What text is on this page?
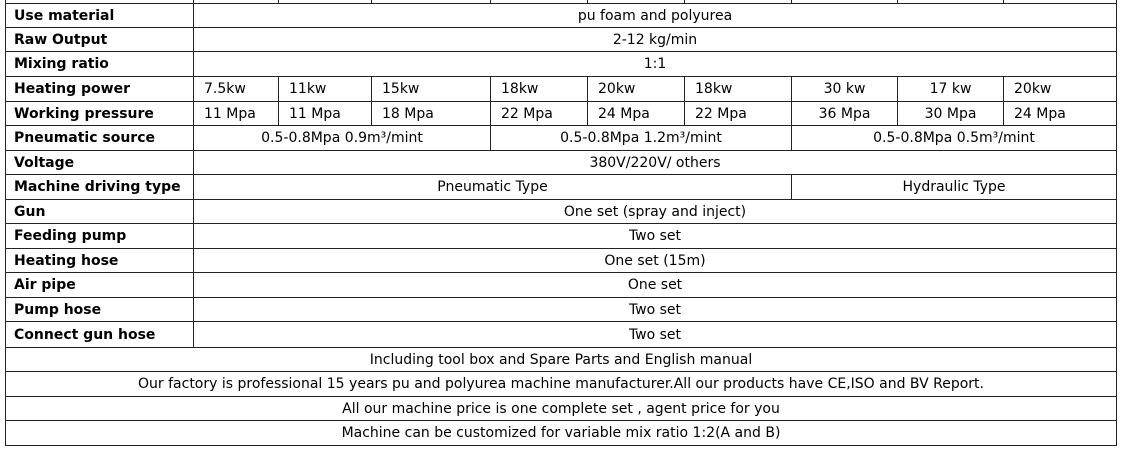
Use material	pu foam and polyurea
Raw Output	2-12 kg/min
Mixing ratio	1:1
Heating power	7.5kw	11kw	15kw	18kw	20kw	18kw	30 kw	17 kw	20kw
Working pressure	11 Mpa	11 Mpa	18 Mpa	22 Mpa	24 Mpa	22 Mpa	36 Mpa	30 Mpa	24 Mpa
Pneumatic source	0.5-0.8Mpa 0.9m³/mint	0.5-0.8Mpa 1.2m³/mint	0.5-0.8Mpa 0.5m³/mint
Voltage	380V/220V/ others
Machine driving type	Pneumatic Type	Hydraulic Type
Gun	One set (spray and inject)
Feeding pump	Two set
Heating hose	One set (15m)
Air pipe	One set
Pump hose	Two set
Connect gun hose	Two set
Including tool box and Spare Parts and English manual
Our factory is professional 15 years pu and polyurea machine manufacturer.All our products have CE,ISO and BV Report.
All our machine price is one complete set , agent price for you
Machine can be customized for variable mix ratio 1:2(A and B)
